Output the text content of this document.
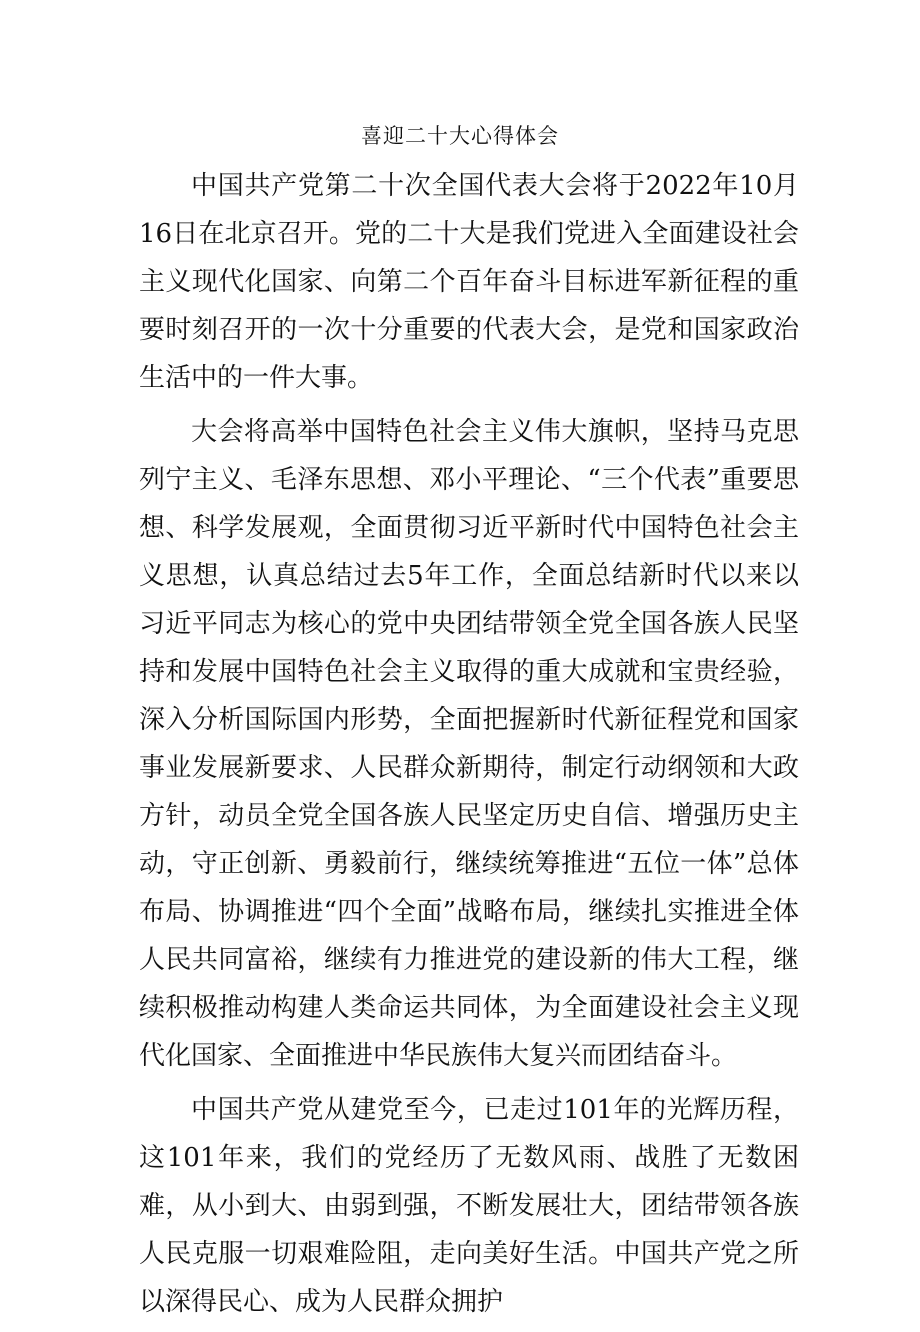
喜迎二十大心得体会

中国共产党第二十次全国代表大会将于2022年10月16日在北京召开。党的二十大是我们党进入全面建设社会主义现代化国家、向第二个百年奋斗目标进军新征程的重要时刻召开的一次十分重要的代表大会，是党和国家政治生活中的一件大事。

大会将高举中国特色社会主义伟大旗帜，坚持马克思列宁主义、毛泽东思想、邓小平理论、“三个代表”重要思想、科学发展观，全面贯彻习近平新时代中国特色社会主义思想，认真总结过去5年工作，全面总结新时代以来以习近平同志为核心的党中央团结带领全党全国各族人民坚持和发展中国特色社会主义取得的重大成就和宝贵经验，深入分析国际国内形势，全面把握新时代新征程党和国家事业发展新要求、人民群众新期待，制定行动纲领和大政方针，动员全党全国各族人民坚定历史自信、增强历史主动，守正创新、勇毅前行，继续统筹推进“五位一体”总体布局、协调推进“四个全面”战略布局，继续扎实推进全体人民共同富裕，继续有力推进党的建设新的伟大工程，继续积极推动构建人类命运共同体，为全面建设社会主义现代化国家、全面推进中华民族伟大复兴而团结奋斗。

中国共产党从建党至今，已走过101年的光辉历程，这101年来，我们的党经历了无数风雨、战胜了无数困难，从小到大、由弱到强，不断发展壮大，团结带领各族人民克服一切艰难险阻，走向美好生活。中国共产党之所以深得民心、成为人民群众拥护
